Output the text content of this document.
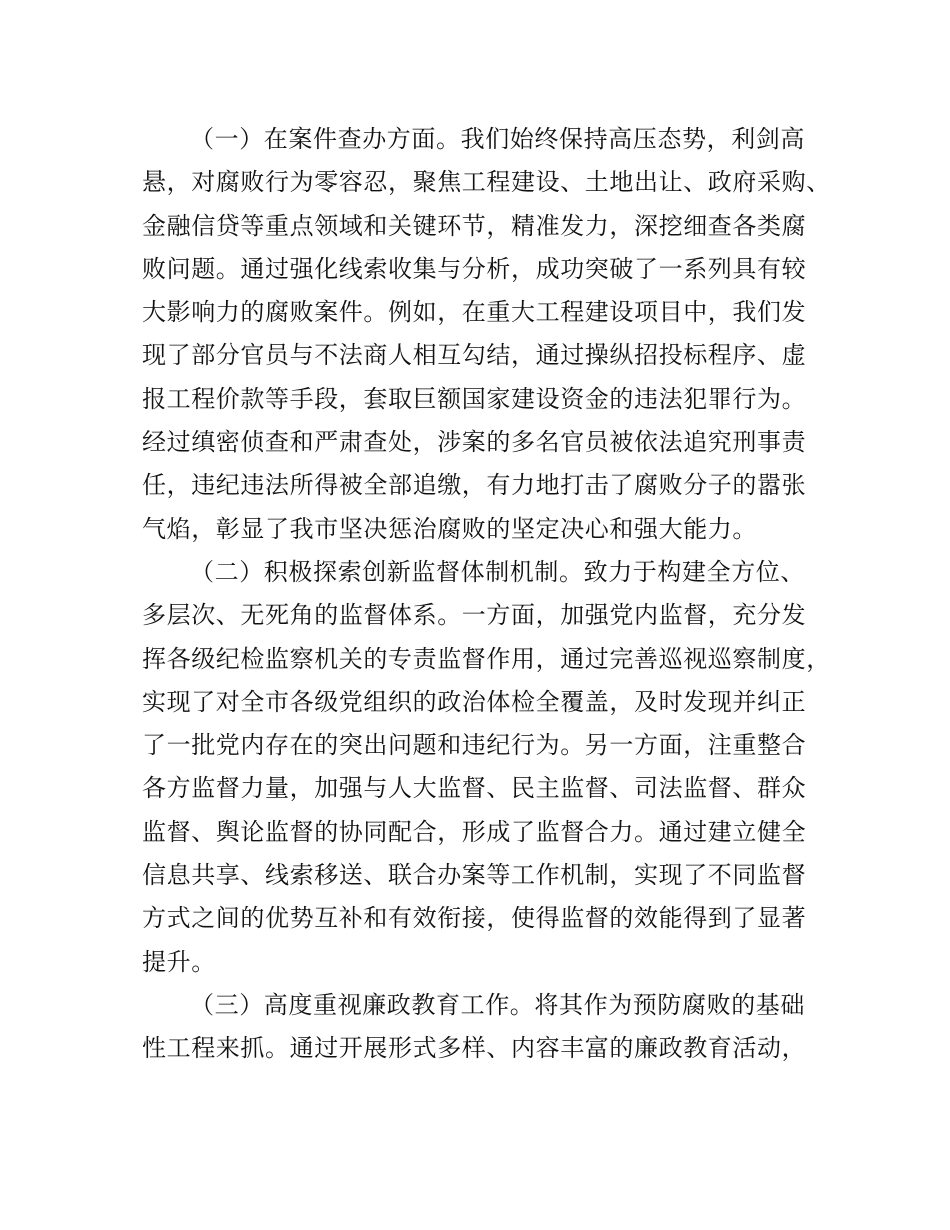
（一）在案件查办方面。我们始终保持高压态势，利剑高
悬，对腐败行为零容忍，聚焦工程建设、土地出让、政府采购、
金融信贷等重点领域和关键环节，精准发力，深挖细查各类腐
败问题。通过强化线索收集与分析，成功突破了一系列具有较
大影响力的腐败案件。例如，在重大工程建设项目中，我们发
现了部分官员与不法商人相互勾结，通过操纵招投标程序、虚
报工程价款等手段，套取巨额国家建设资金的违法犯罪行为。
经过缜密侦查和严肃查处，涉案的多名官员被依法追究刑事责
任，违纪违法所得被全部追缴，有力地打击了腐败分子的嚣张
气焰，彰显了我市坚决惩治腐败的坚定决心和强大能力。

（二）积极探索创新监督体制机制。致力于构建全方位、
多层次、无死角的监督体系。一方面，加强党内监督，充分发
挥各级纪检监察机关的专责监督作用，通过完善巡视巡察制度，
实现了对全市各级党组织的政治体检全覆盖，及时发现并纠正
了一批党内存在的突出问题和违纪行为。另一方面，注重整合
各方监督力量，加强与人大监督、民主监督、司法监督、群众
监督、舆论监督的协同配合，形成了监督合力。通过建立健全
信息共享、线索移送、联合办案等工作机制，实现了不同监督
方式之间的优势互补和有效衔接，使得监督的效能得到了显著
提升。

（三）高度重视廉政教育工作。将其作为预防腐败的基础
性工程来抓。通过开展形式多样、内容丰富的廉政教育活动，
